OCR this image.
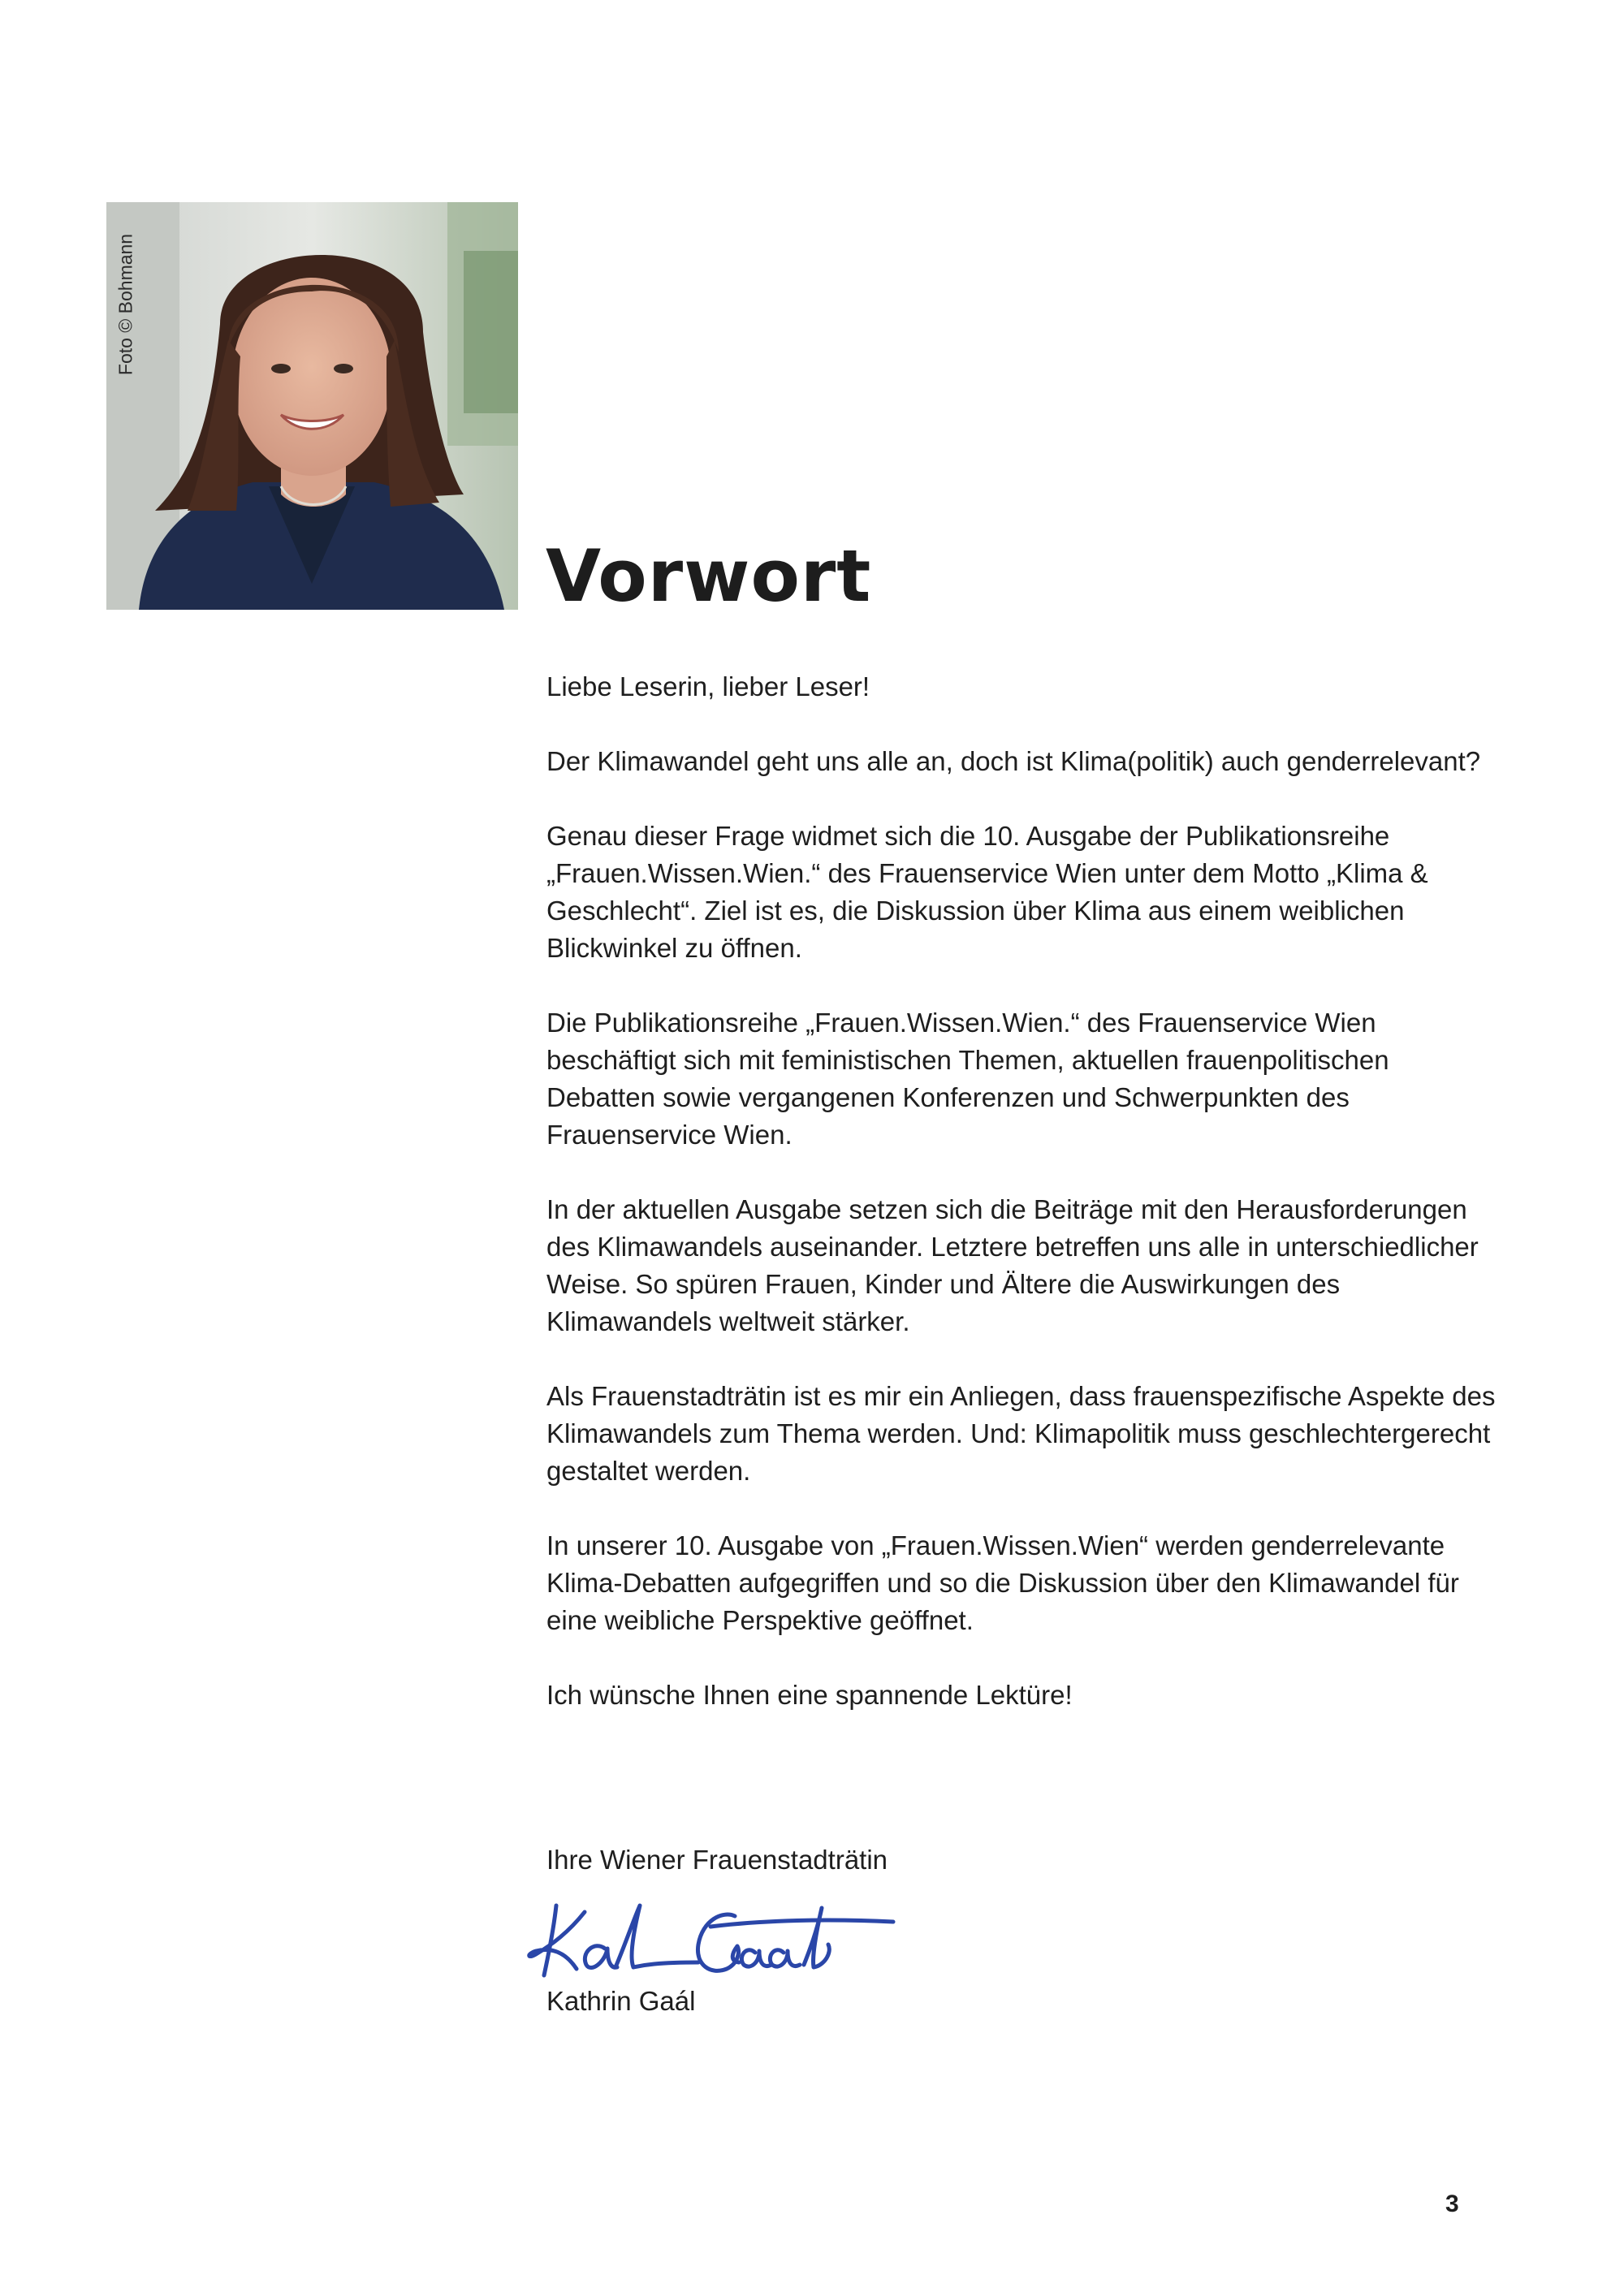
Foto © Bohmann
Vorwort

Liebe Leserin, lieber Leser!

Der Klimawandel geht uns alle an, doch ist Klima(politik) auch genderrelevant?

Genau dieser Frage widmet sich die 10. Ausgabe der Publikationsreihe „Frauen.Wissen.Wien.“ des Frauenservice Wien unter dem Motto „Klima & Geschlecht“. Ziel ist es, die Diskussion über Klima aus einem weiblichen Blickwinkel zu öffnen.

Die Publikationsreihe „Frauen.Wissen.Wien.“ des Frauenservice Wien beschäftigt sich mit feministischen Themen, aktuellen frauenpolitischen Debatten sowie vergangenen Konferenzen und Schwerpunkten des Frauenservice Wien.

In der aktuellen Ausgabe setzen sich die Beiträge mit den Herausforderungen des Klimawandels auseinander. Letztere betreffen uns alle in unterschiedlicher Weise. So spüren Frauen, Kinder und Ältere die Auswirkungen des Klimawandels weltweit stärker.

Als Frauenstadträtin ist es mir ein Anliegen, dass frauenspezifische Aspekte des Klimawandels zum Thema werden. Und: Klimapolitik muss geschlechtergerecht gestaltet werden.

In unserer 10. Ausgabe von „Frauen.Wissen.Wien“ werden genderrelevante Klima-Debatten aufgegriffen und so die Diskussion über den Klimawandel für eine weibliche Perspektive geöffnet.

Ich wünsche Ihnen eine spannende Lektüre!

Ihre Wiener Frauenstadträtin

Kathrin Gaál

3
